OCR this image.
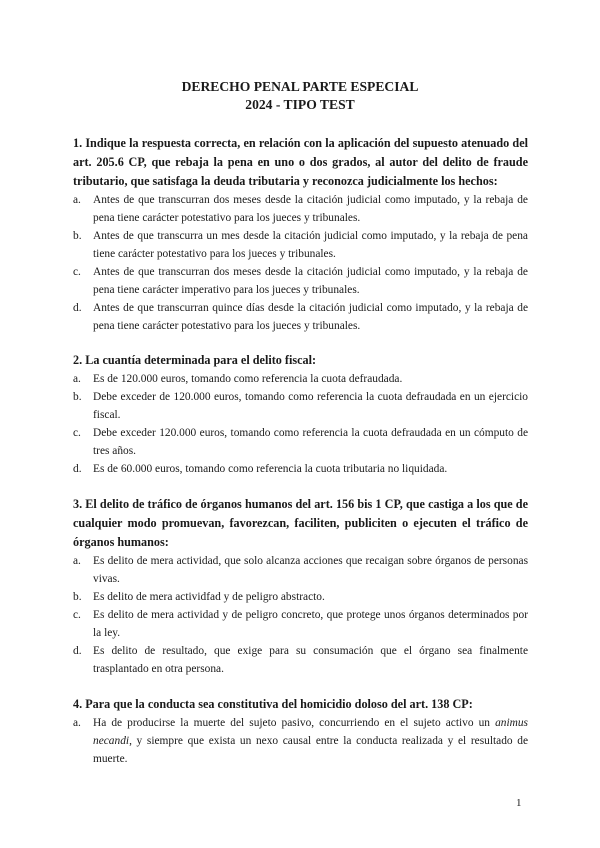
DERECHO PENAL PARTE ESPECIAL
2024 - TIPO TEST

1. Indique la respuesta correcta, en relación con la aplicación del supuesto atenuado del art. 205.6 CP, que rebaja la pena en uno o dos grados, al autor del delito de fraude tributario, que satisfaga la deuda tributaria y reconozca judicialmente los hechos:

a. Antes de que transcurran dos meses desde la citación judicial como imputado, y la rebaja de pena tiene carácter potestativo para los jueces y tribunales.
b. Antes de que transcurra un mes desde la citación judicial como imputado, y la rebaja de pena tiene carácter potestativo para los jueces y tribunales.
c. Antes de que transcurran dos meses desde la citación judicial como imputado, y la rebaja de pena tiene carácter imperativo para los jueces y tribunales.
d. Antes de que transcurran quince días desde la citación judicial como imputado, y la rebaja de pena tiene carácter potestativo para los jueces y tribunales.

2. La cuantía determinada para el delito fiscal:

a. Es de 120.000 euros, tomando como referencia la cuota defraudada.
b. Debe exceder de 120.000 euros, tomando como referencia la cuota defraudada en un ejercicio fiscal.
c. Debe exceder 120.000 euros, tomando como referencia la cuota defraudada en un cómputo de tres años.
d. Es de 60.000 euros, tomando como referencia la cuota tributaria no liquidada.

3. El delito de tráfico de órganos humanos del art. 156 bis 1 CP, que castiga a los que de cualquier modo promuevan, favorezcan, faciliten, publiciten o ejecuten el tráfico de órganos humanos:

a. Es delito de mera actividad, que solo alcanza acciones que recaigan sobre órganos de personas vivas.
b. Es delito de mera actividfad y de peligro abstracto.
c. Es delito de mera actividad y de peligro concreto, que protege unos órganos determinados por la ley.
d. Es delito de resultado, que exige para su consumación que el órgano sea finalmente trasplantado en otra persona.

4. Para que la conducta sea constitutiva del homicidio doloso del art. 138 CP:

a. Ha de producirse la muerte del sujeto pasivo, concurriendo en el sujeto activo un animus necandi, y siempre que exista un nexo causal entre la conducta realizada y el resultado de muerte.
1
